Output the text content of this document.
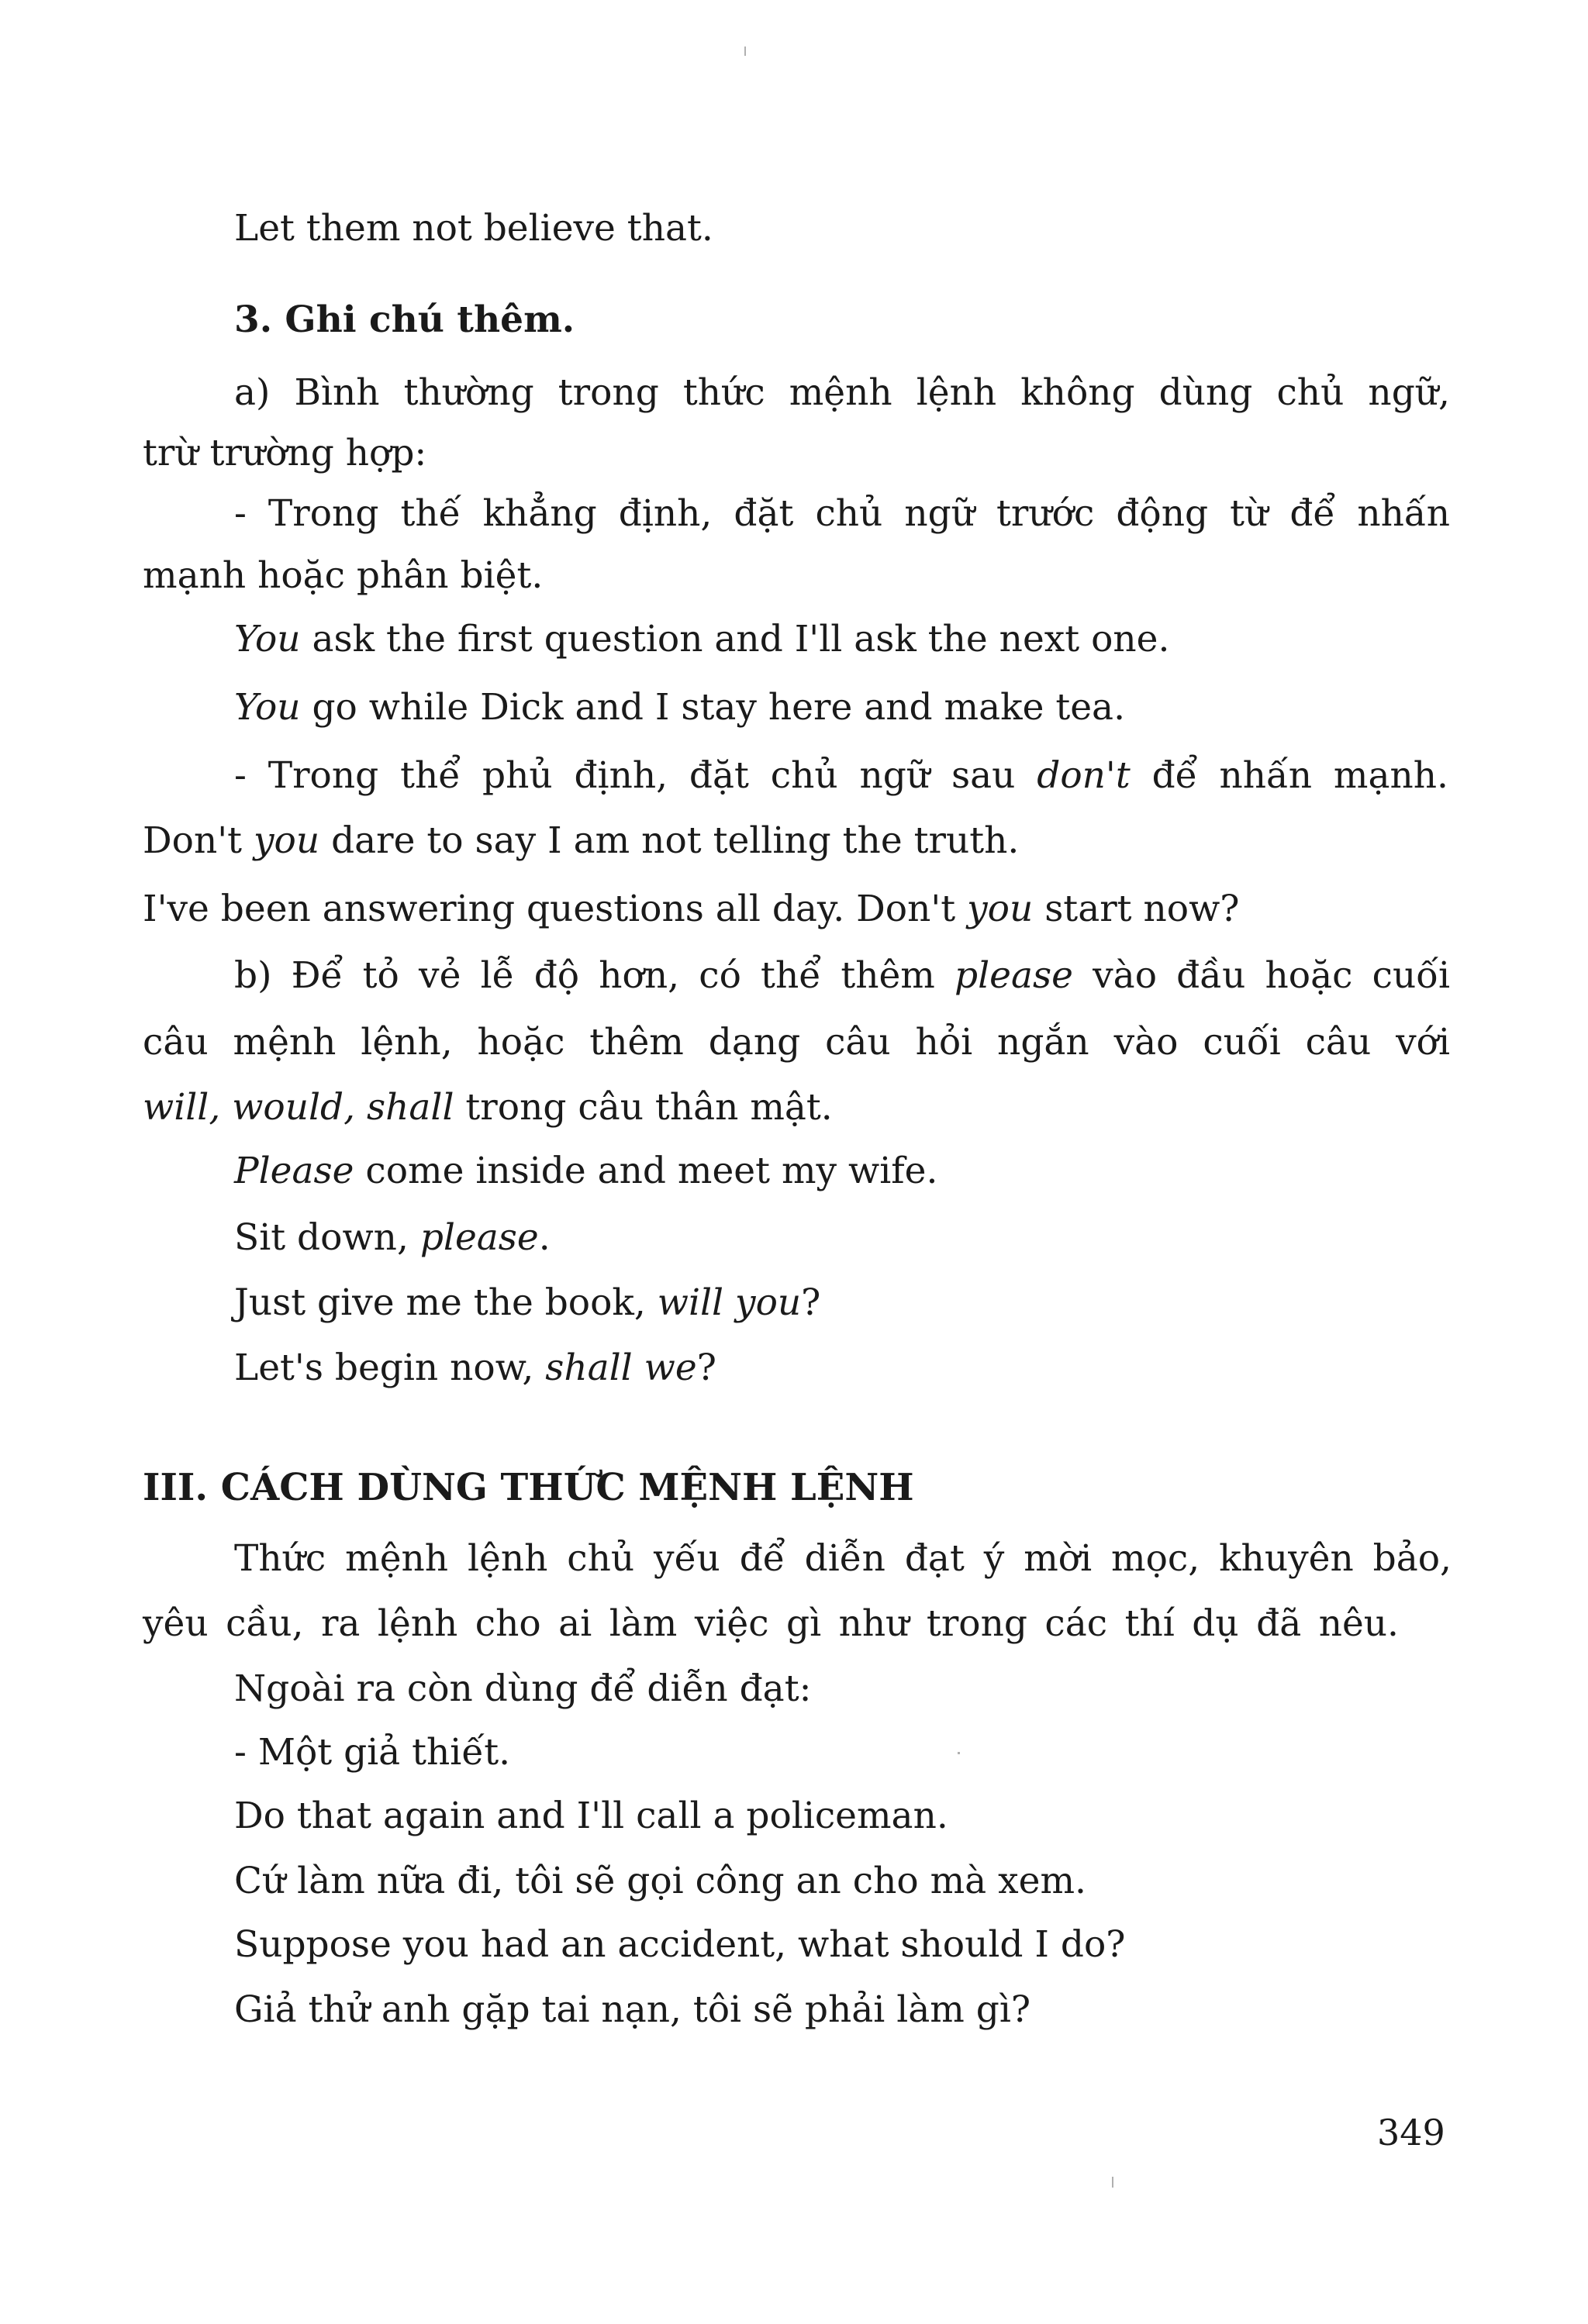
Let them not believe that.
3. Ghi chú thêm.
a) Bình thường trong thức mệnh lệnh không dùng chủ ngữ,
trừ trường hợp:
- Trong thế khẳng định, đặt chủ ngữ trước động từ để nhấn
mạnh hoặc phân biệt.
You ask the first question and I'll ask the next one.
You go while Dick and I stay here and make tea.
- Trong thể phủ định, đặt chủ ngữ sau don't để nhấn mạnh.
Don't you dare to say I am not telling the truth.
I've been answering questions all day. Don't you start now?
b) Để tỏ vẻ lễ độ hơn, có thể thêm please vào đầu hoặc cuối
câu mệnh lệnh, hoặc thêm dạng câu hỏi ngắn vào cuối câu với
will, would, shall trong câu thân mật.
Please come inside and meet my wife.
Sit down, please.
Just give me the book, will you?
Let's begin now, shall we?
III. CÁCH DÙNG THỨC MỆNH LỆNH
Thức mệnh lệnh chủ yếu để diễn đạt ý mời mọc, khuyên bảo,
yêu cầu, ra lệnh cho ai làm việc gì như trong các thí dụ đã nêu.
Ngoài ra còn dùng để diễn đạt:
- Một giả thiết.
Do that again and I'll call a policeman.
Cứ làm nữa đi, tôi sẽ gọi công an cho mà xem.
Suppose you had an accident, what should I do?
Giả thử anh gặp tai nạn, tôi sẽ phải làm gì?
349
